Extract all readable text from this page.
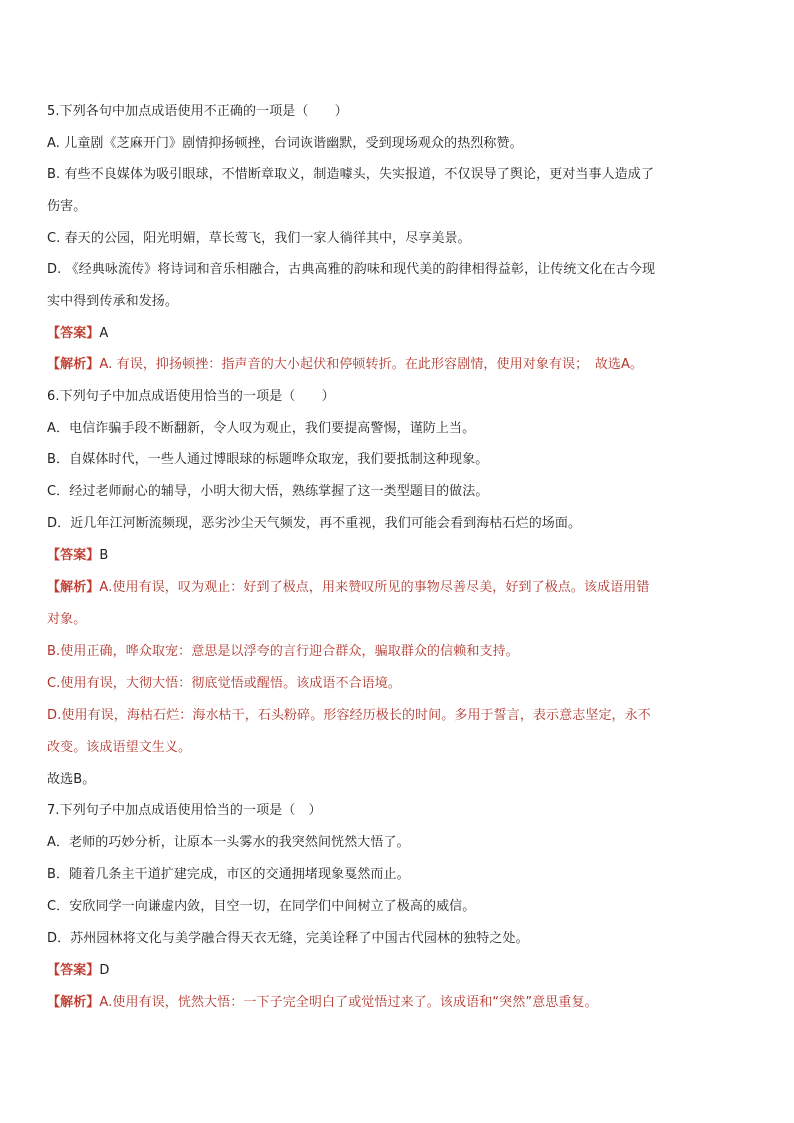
5.下列各句中加点成语使用不正确的一项是（　　）
A. 儿童剧《芝麻开门》剧情抑扬顿挫，台词诙谐幽默，受到现场观众的热烈称赞。
B. 有些不良媒体为吸引眼球，不惜断章取义，制造噱头，失实报道，不仅误导了舆论，更对当事人造成了
伤害。
C. 春天的公园，阳光明媚，草长莺飞，我们一家人徜徉其中，尽享美景。
D. 《经典咏流传》将诗词和音乐相融合，古典高雅的韵味和现代美的韵律相得益彰，让传统文化在古今现
实中得到传承和发扬。
【答案】A
【解析】A. 有误，抑扬顿挫：指声音的大小起伏和停顿转折。在此形容剧情，使用对象有误；　故选A。
6.下列句子中加点成语使用恰当的一项是（　　）
A．电信诈骗手段不断翻新，令人叹为观止，我们要提高警惕，谨防上当。
B．自媒体时代，一些人通过博眼球的标题哗众取宠，我们要抵制这种现象。
C．经过老师耐心的辅导，小明大彻大悟，熟练掌握了这一类型题目的做法。
D．近几年江河断流频现，恶劣沙尘天气频发，再不重视，我们可能会看到海枯石烂的场面。
【答案】B
【解析】A.使用有误，叹为观止：好到了极点，用来赞叹所见的事物尽善尽美，好到了极点。该成语用错
对象。
B.使用正确，哗众取宠：意思是以浮夸的言行迎合群众，骗取群众的信赖和支持。
C.使用有误，大彻大悟：彻底觉悟或醒悟。该成语不合语境。
D.使用有误，海枯石烂：海水枯干，石头粉碎。形容经历极长的时间。多用于誓言，表示意志坚定，永不
改变。该成语望文生义。
故选B。
7.下列句子中加点成语使用恰当的一项是（　）
A．老师的巧妙分析，让原本一头雾水的我突然间恍然大悟了。
B．随着几条主干道扩建完成，市区的交通拥堵现象戛然而止。
C．安欣同学一向谦虚内敛，目空一切，在同学们中间树立了极高的威信。
D．苏州园林将文化与美学融合得天衣无缝，完美诠释了中国古代园林的独特之处。
【答案】D
【解析】A.使用有误，恍然大悟：一下子完全明白了或觉悟过来了。该成语和“突然”意思重复。
